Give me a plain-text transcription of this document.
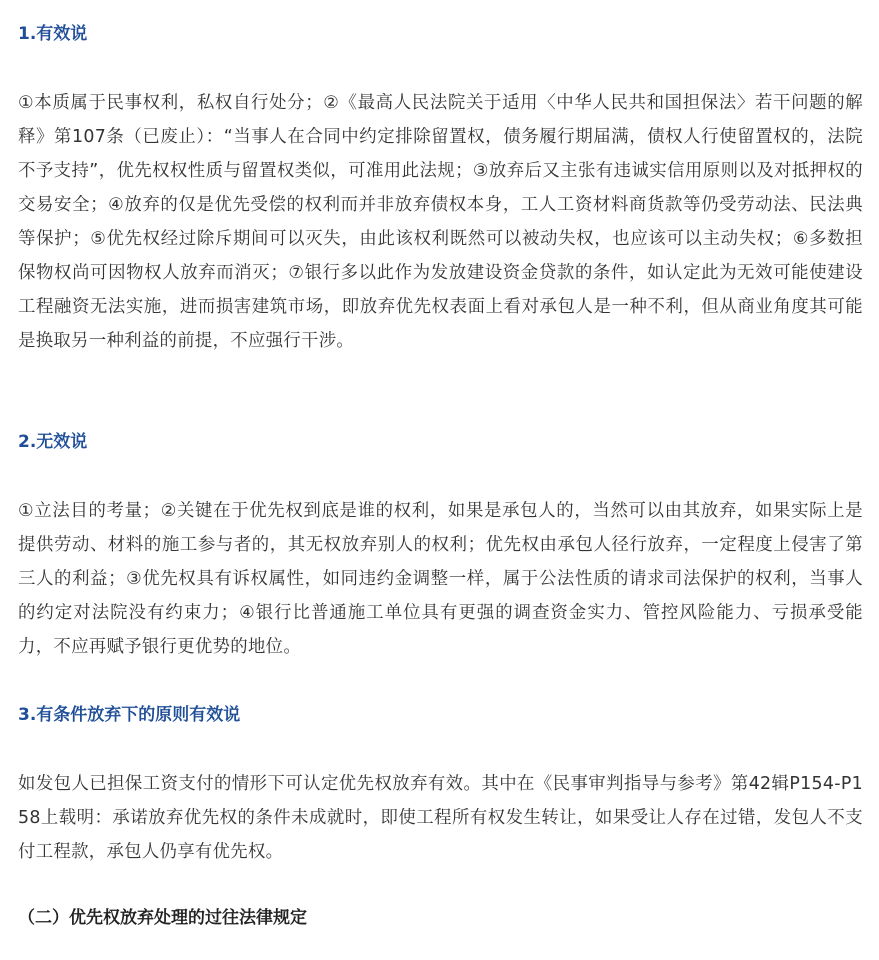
1.有效说

①本质属于民事权利，私权自行处分；②《最高人民法院关于适用〈中华人民共和国担保法〉若干问题的解释》第107条（已废止）：“当事人在合同中约定排除留置权，债务履行期届满，债权人行使留置权的，法院不予支持”，优先权权性质与留置权类似，可准用此法规；③放弃后又主张有违诚实信用原则以及对抵押权的交易安全；④放弃的仅是优先受偿的权利而并非放弃债权本身，工人工资材料商货款等仍受劳动法、民法典等保护；⑤优先权经过除斥期间可以灭失，由此该权利既然可以被动失权，也应该可以主动失权；⑥多数担保物权尚可因物权人放弃而消灭；⑦银行多以此作为发放建设资金贷款的条件，如认定此为无效可能使建设工程融资无法实施，进而损害建筑市场，即放弃优先权表面上看对承包人是一种不利，但从商业角度其可能是换取另一种利益的前提，不应强行干涉。

2.无效说

①立法目的考量；②关键在于优先权到底是谁的权利，如果是承包人的，当然可以由其放弃，如果实际上是提供劳动、材料的施工参与者的，其无权放弃别人的权利；优先权由承包人径行放弃，一定程度上侵害了第三人的利益；③优先权具有诉权属性，如同违约金调整一样，属于公法性质的请求司法保护的权利，当事人的约定对法院没有约束力；④银行比普通施工单位具有更强的调查资金实力、管控风险能力、亏损承受能力，不应再赋予银行更优势的地位。

3.有条件放弃下的原则有效说

如发包人已担保工资支付的情形下可认定优先权放弃有效。其中在《民事审判指导与参考》第42辑P154-P158上载明：承诺放弃优先权的条件未成就时，即使工程所有权发生转让，如果受让人存在过错，发包人不支付工程款，承包人仍享有优先权。

（二）优先权放弃处理的过往法律规定
